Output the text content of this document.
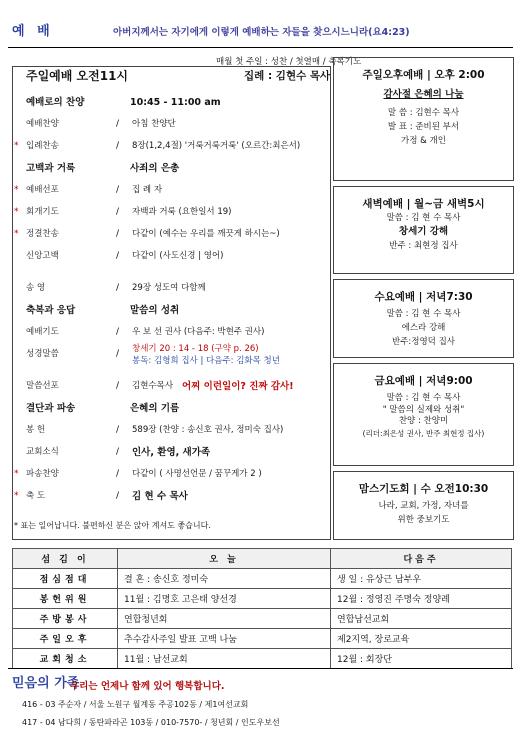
예 배	아버지께서는 자기에게 이렇게 예배하는 자들을 찾으시느니라(요4:23)
매월 첫 주일 : 성찬 / 첫열매 / 축복기도
주일예배 오전11시	집례 : 김현수 목사
예배로의 찬양	10:45 - 11:00 am
예배찬양	/ 아침 찬양단
* 입례찬송	/ 8장(1,2,4절) '거룩거룩거룩' (오르간:최은서)
고백과 거룩	사죄의 은총
* 예배선포	/ 집 례 자
* 회개기도	/ 자백과 거룩 (요한일서 19)
* 정결찬송	/ 다같이 (예수는 우리를 깨끗게 하시는~)
신앙고백	/ 다같이 (사도신경 | 영어)
송 영	/ 29장 성도여 다함께
축복과 응답	말씀의 성취
예배기도	/ 우 보 선 권사 (다음주: 박현주 권사)
성경말씀	/ 창세기 20 : 14 - 18 (구약 p. 26)
봉독: 김형희 집사 | 다음주: 김화목 청년
말씀선포	/ 김현수목사 어찌 이런일이? 진짜 감사!
결단과 파송	은혜의 기름
봉 헌	/ 589장 (찬양 : 송신호 권사, 정미숙 집사)
교회소식	/ 인사, 환영, 새가족
* 파송찬양	/ 다같이 ( 사명선언문 / 꿈꾸게가 2 )
* 축 도	/ 김 현 수 목사
* 표는 일어납니다. 불편하신 분은 앉아 계셔도 좋습니다.
주일오후예배 | 오후 2:00
감사절 은혜의 나눔
말 씀 : 김현수 목사
발 표 : 준비된 부서
가정 & 개인
새벽예배 | 월~금 새벽5시
말씀 : 김 현 수 목사
창세기 강해
반주 : 최현정 집사
수요예배 | 저녁7:30
말씀 : 김 현 수 목사
에스라 강해
반주:정영덕 집사
금요예배 | 저녁9:00
말씀 : 김 현 수 목사
" 말씀의 실제와 성취"
찬양 : 찬양미
(리더:최은성 권사, 반주 최현정 집사)
맘스기도회 | 수 오전10:30
나라, 교회, 가정, 자녀를
위한 중보기도
섬 김 이	오 늘	다음주
점심점대	결 혼 : 송신호 정미숙	생 일 : 유상근 남부우
봉헌위원	11월 : 김명호 고은태 양선경	12월 : 정영진 주명숙 정양례
주방봉사	연합청년회	연합남선교회
주일오후	추수감사주일 발표 고백 나눔	제2지역, 장로교육
교회청소	11월 : 남선교회	12월 : 회장단
믿음의 가족
우리는 언제나 함께 있어 행복합니다.
416 - 03 주순자 / 서울 노원구 월계동 주공102동 / 제1여선교회
417 - 04 남다희 / 동탄파라곤 103동 / 010-7570- / 청년회 / 인도우보선
